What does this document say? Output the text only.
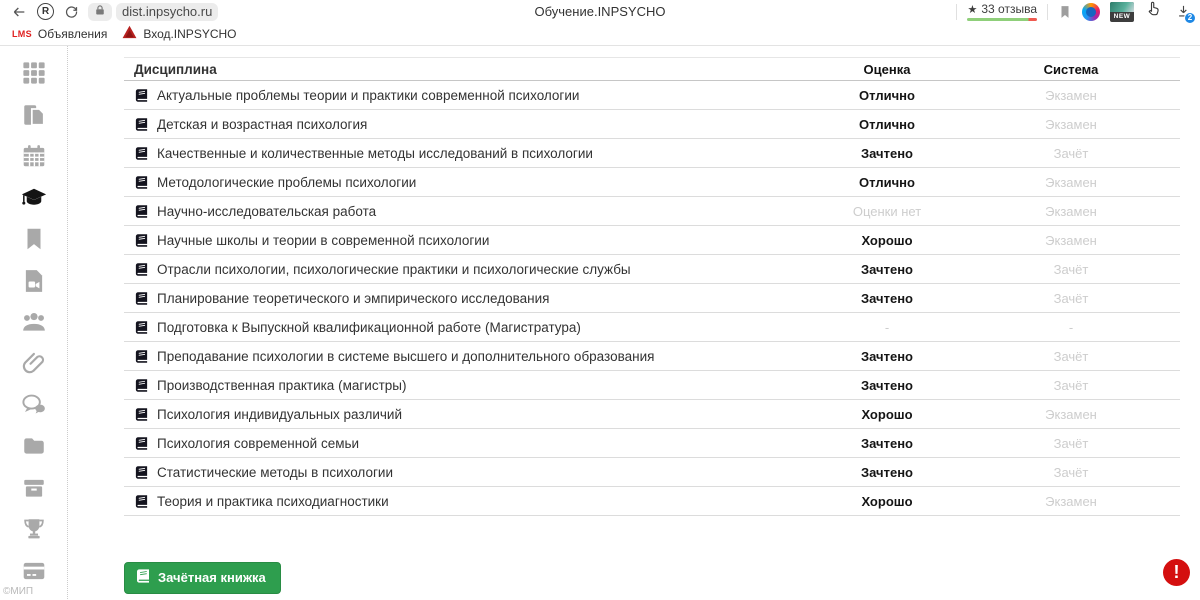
Я	dist.inpsycho.ru	Обучение.INPSYCHO	★ 33 отзыва	NEW	2
LMS Объявления	Вход.INPSYCHO
©МИП
Дисциплина	Оценка	Система
Актуальные проблемы теории и практики современной психологии	Отлично	Экзамен
Детская и возрастная психология	Отлично	Экзамен
Качественные и количественные методы исследований в психологии	Зачтено	Зачёт
Методологические проблемы психологии	Отлично	Экзамен
Научно-исследовательская работа	Оценки нет	Экзамен
Научные школы и теории в современной психологии	Хорошо	Экзамен
Отрасли психологии, психологические практики и психологические службы	Зачтено	Зачёт
Планирование теоретического и эмпирического исследования	Зачтено	Зачёт
Подготовка к Выпускной квалификационной работе (Магистратура)	-	-
Преподавание психологии в системе высшего и дополнительного образования	Зачтено	Зачёт
Производственная практика (магистры)	Зачтено	Зачёт
Психология индивидуальных различий	Хорошо	Экзамен
Психология современной семьи	Зачтено	Зачёт
Статистические методы в психологии	Зачтено	Зачёт
Теория и практика психодиагностики	Хорошо	Экзамен
Зачётная книжка	!
